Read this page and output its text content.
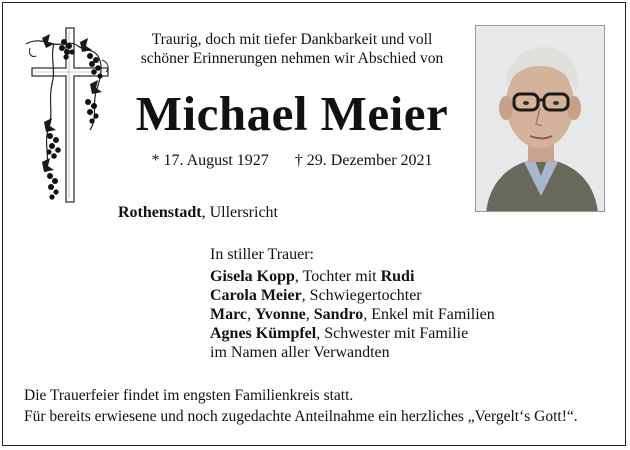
Traurig, doch mit tiefer Dankbarkeit und voll
schöner Erinnerungen nehmen wir Abschied von
Michael Meier
* 17. August 1927 † 29. Dezember 2021
Rothenstadt, Ullersricht
In stiller Trauer:
Gisela Kopp, Tochter mit Rudi
Carola Meier, Schwiegertochter
Marc, Yvonne, Sandro, Enkel mit Familien
Agnes Kümpfel, Schwester mit Familie
im Namen aller Verwandten
Die Trauerfeier findet im engsten Familienkreis statt.
Für bereits erwiesene und noch zugedachte Anteilnahme ein herzliches „Vergelt‘s Gott!“.
